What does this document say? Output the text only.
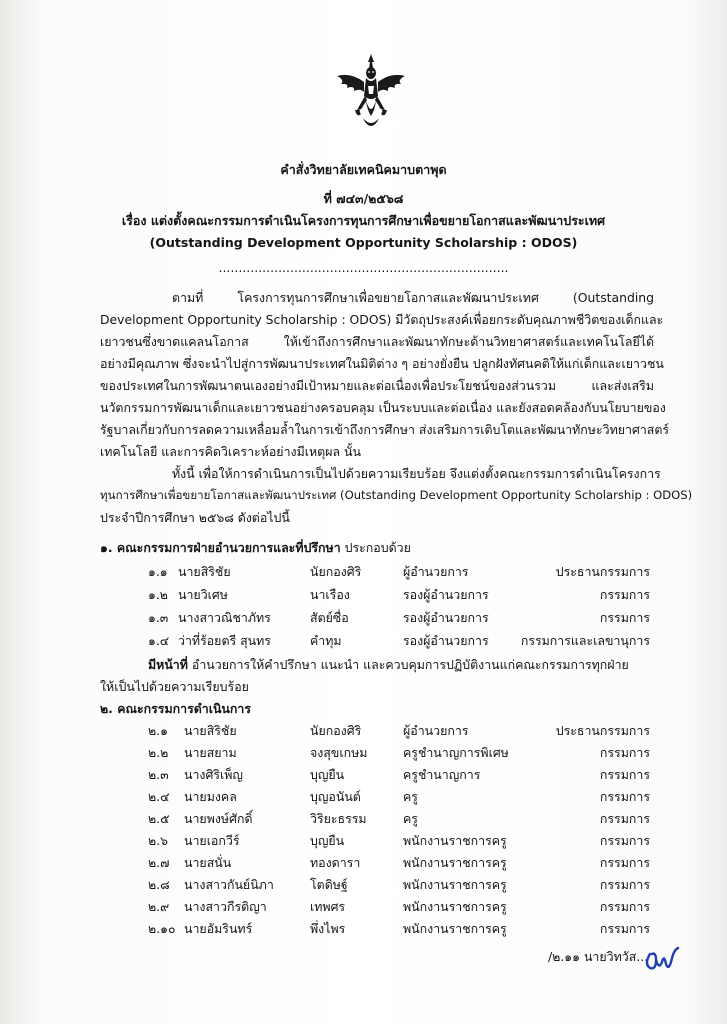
คำสั่งวิทยาลัยเทคนิคมาบตาพุด
ที่ ๗๔๓/๒๕๖๘
เรื่อง แต่งตั้งคณะกรรมการดำเนินโครงการทุนการศึกษาเพื่อขยายโอกาสและพัฒนาประเทศ
(Outstanding Development Opportunity Scholarship : ODOS)
.........................................................................
ตามที่ โครงการทุนการศึกษาเพื่อขยายโอกาสและพัฒนาประเทศ (Outstanding
Development Opportunity Scholarship : ODOS) มีวัตถุประสงค์เพื่อยกระดับคุณภาพชีวิตของเด็กและ
เยาวชนซึ่งขาดแคลนโอกาส ให้เข้าถึงการศึกษาและพัฒนาทักษะด้านวิทยาศาสตร์และเทคโนโลยีได้
อย่างมีคุณภาพ ซึ่งจะนำไปสู่การพัฒนาประเทศในมิติต่าง ๆ อย่างยั่งยืน ปลูกฝังทัศนคติให้แก่เด็กและเยาวชน
ของประเทศในการพัฒนาตนเองอย่างมีเป้าหมายและต่อเนื่องเพื่อประโยชน์ของส่วนรวม และส่งเสริม
นวัตกรรมการพัฒนาเด็กและเยาวชนอย่างครอบคลุม เป็นระบบและต่อเนื่อง และยังสอดคล้องกับนโยบายของ
รัฐบาลเกี่ยวกับการลดความเหลื่อมล้ำในการเข้าถึงการศึกษา ส่งเสริมการเติบโตและพัฒนาทักษะวิทยาศาสตร์
เทคโนโลยี และการคิดวิเคราะห์อย่างมีเหตุผล นั้น
ทั้งนี้ เพื่อให้การดำเนินการเป็นไปด้วยความเรียบร้อย จึงแต่งตั้งคณะกรรมการดำเนินโครงการ
ทุนการศึกษาเพื่อขยายโอกาสและพัฒนาประเทศ (Outstanding Development Opportunity Scholarship : ODOS)
ประจำปีการศึกษา ๒๕๖๘ ดังต่อไปนี้
๑. คณะกรรมการฝ่ายอำนวยการและที่ปรึกษา ประกอบด้วย
๑.๑ นายสิริชัย	นัยกองศิริ	ผู้อำนวยการ	ประธานกรรมการ
๑.๒ นายวิเศษ	นาเรือง	รองผู้อำนวยการ	กรรมการ
๑.๓ นางสาวณิชาภัทร	สัตย์ซื่อ	รองผู้อำนวยการ	กรรมการ
๑.๔ ว่าที่ร้อยตรี สุนทร	คำทุม	รองผู้อำนวยการ	กรรมการและเลขานุการ
มีหน้าที่ อำนวยการให้คำปรึกษา แนะนำ และควบคุมการปฏิบัติงานแก่คณะกรรมการทุกฝ่าย
ให้เป็นไปด้วยความเรียบร้อย
๒. คณะกรรมการดำเนินการ
๒.๑ นายสิริชัย	นัยกองศิริ	ผู้อำนวยการ	ประธานกรรมการ
๒.๒ นายสยาม	จงสุขเกษม	ครูชำนาญการพิเศษ	กรรมการ
๒.๓ นางศิริเพ็ญ	บุญยืน	ครูชำนาญการ	กรรมการ
๒.๔ นายมงคล	บุญอนันต์	ครู	กรรมการ
๒.๕ นายพงษ์ศักดิ์	วิริยะธรรม	ครู	กรรมการ
๒.๖ นายเอกวีร์	บุญยืน	พนักงานราชการครู	กรรมการ
๒.๗ นายสนั่น	ทองดารา	พนักงานราชการครู	กรรมการ
๒.๘ นางสาวกันย์นิภา	โตดิษฐ์	พนักงานราชการครู	กรรมการ
๒.๙ นางสาวกีรติญา	เทพศร	พนักงานราชการครู	กรรมการ
๒.๑๐ นายอัมรินทร์	พึ่งไพร	พนักงานราชการครู	กรรมการ
/๒.๑๑ นายวิทวัส...
